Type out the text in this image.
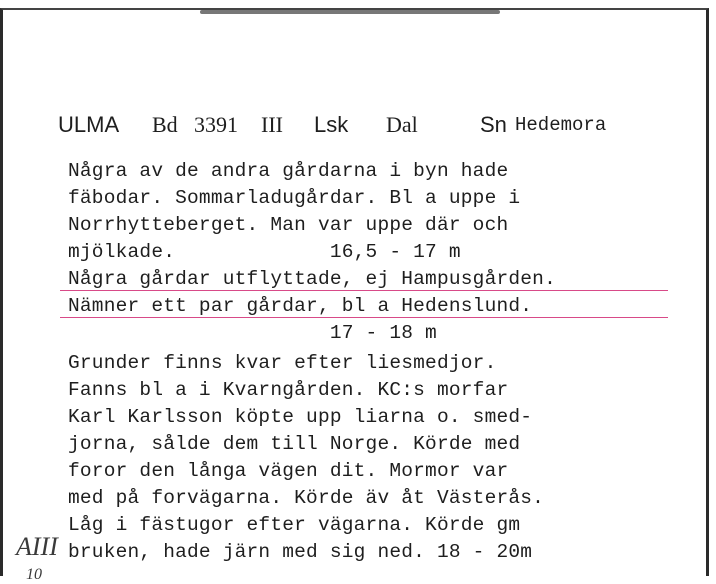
ULMA Bd 3391 III Lsk Dal	Sn Hedemora
Några av de andra gårdarna i byn hade
fäbodar. Sommarladugårdar. Bl a uppe i
Norrhytteberget. Man var uppe där och
mjölkade.             16,5 - 17 m
Några gårdar utflyttade, ej Hampusgården.
Nämner ett par gårdar, bl a Hedenslund.
17 - 18 m
Grunder finns kvar efter liesmedjor.
Fanns bl a i Kvarngården. KC:s morfar
Karl Karlsson köpte upp liarna o. smed-
jorna, sålde dem till Norge. Körde med
foror den långa vägen dit. Mormor var
med på forvägarna. Körde äv åt Västerås.
Låg i fästugor efter vägarna. Körde gm
bruken, hade järn med sig ned. 18 - 20m
AIII
10
